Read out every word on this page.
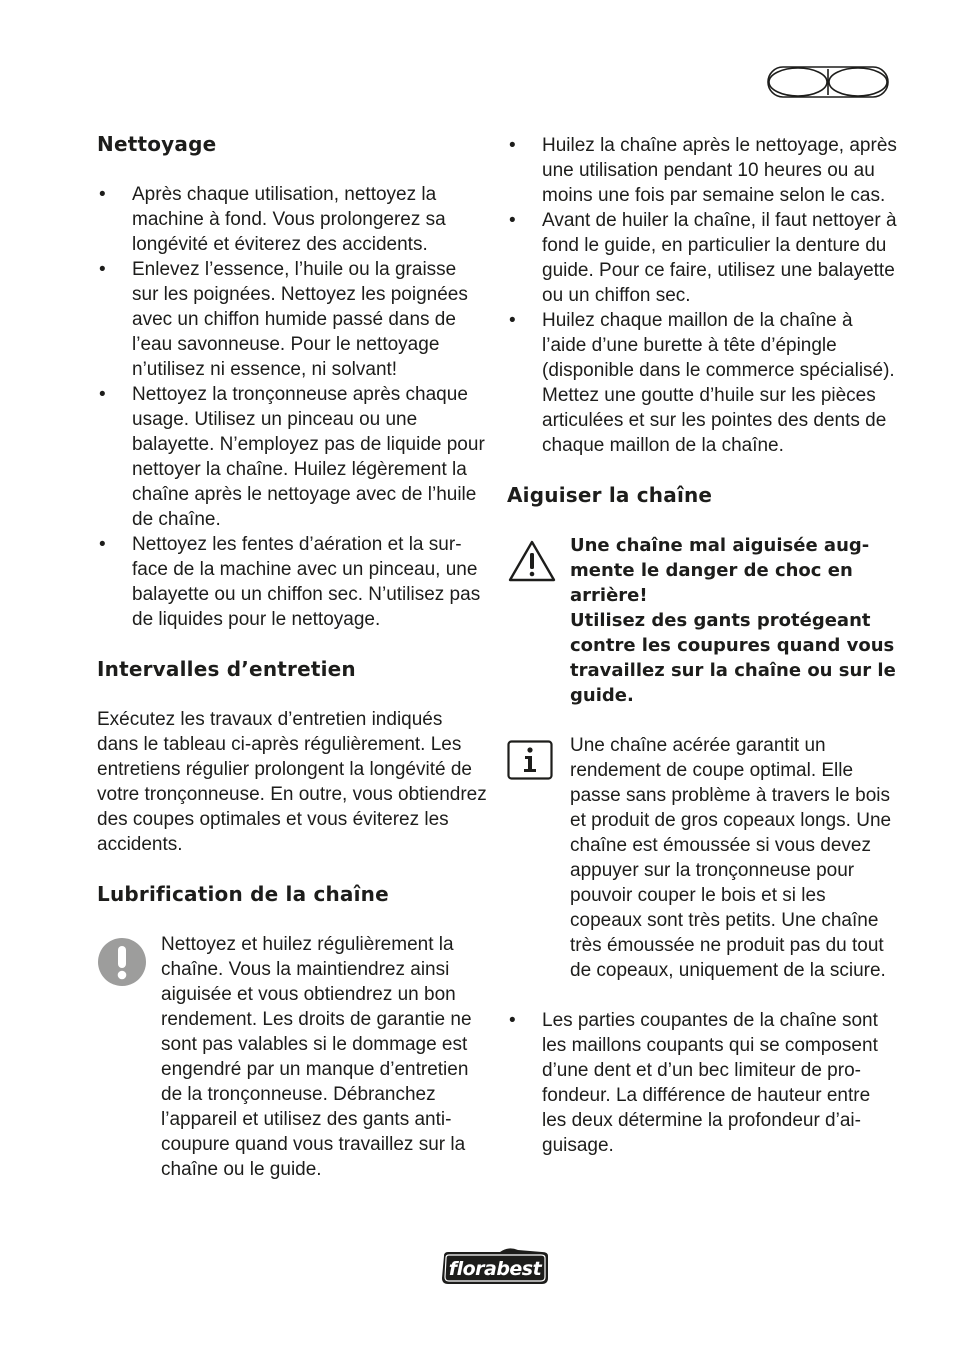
Nettoyage
• Après chaque utilisation, nettoyez la machine à fond. Vous prolongerez sa longévité et éviterez des accidents.
• Enlevez l’essence, l’huile ou la graisse sur les poignées. Nettoyez les poignées avec un chiffon humide passé dans de l’eau savonneuse. Pour le nettoyage n’utilisez ni essence, ni solvant!
• Nettoyez la tronçonneuse après chaque usage. Utilisez un pinceau ou une balayette. N’employez pas de liquide pour nettoyer la chaîne. Huilez légèrement la chaîne après le nettoyage avec de l’huile de chaîne.
• Nettoyez les fentes d’aération et la surface de la machine avec un pinceau, une balayette ou un chiffon sec. N’utilisez pas de liquides pour le nettoyage.
Intervalles d’entretien

Exécutez les travaux d’entretien indiqués dans le tableau ci-après régulièrement. Les entretiens régulier prolongent la longévité de votre tronçonneuse. En outre, vous obtiendrez des coupes optimales et vous éviterez les accidents.

Lubrification de la chaîne

Nettoyez et huilez régulièrement la chaîne. Vous la maintiendrez ainsi aiguisée et vous obtiendrez un bon rendement. Les droits de garantie ne sont pas valables si le dommage est engendré par un manque d’entretien de la tronçonneuse. Débranchez l’appareil et utilisez des gants anti-coupure quand vous travaillez sur la chaîne ou le guide.

• Huilez la chaîne après le nettoyage, après une utilisation pendant 10 heures ou au moins une fois par semaine selon le cas.
• Avant de huiler la chaîne, il faut nettoyer à fond le guide, en particulier la denture du guide. Pour ce faire, utilisez une balayette ou un chiffon sec.
• Huilez chaque maillon de la chaîne à l’aide d’une burette à tête d’épingle (disponible dans le commerce spécialisé). Mettez une goutte d’huile sur les pièces articulées et sur les pointes des dents de chaque maillon de la chaîne.
Aiguiser la chaîne

Une chaîne mal aiguisée augmente le danger de choc en arrière!

Utilisez des gants protégeant contre les coupures quand vous travaillez sur la chaîne ou sur le guide.

Une chaîne acérée garantit un rendement de coupe optimal. Elle passe sans problème à travers le bois et produit de gros copeaux longs. Une chaîne est émoussée si vous devez appuyer sur la tronçonneuse pour pouvoir couper le bois et si les copeaux sont très petits. Une chaîne très émoussée ne produit pas du tout de copeaux, uniquement de la sciure.

• Les parties coupantes de la chaîne sont les maillons coupants qui se composent d’une dent et d’un bec limiteur de profondeur. La différence de hauteur entre les deux détermine la profondeur d’aiguisage.
florabest
